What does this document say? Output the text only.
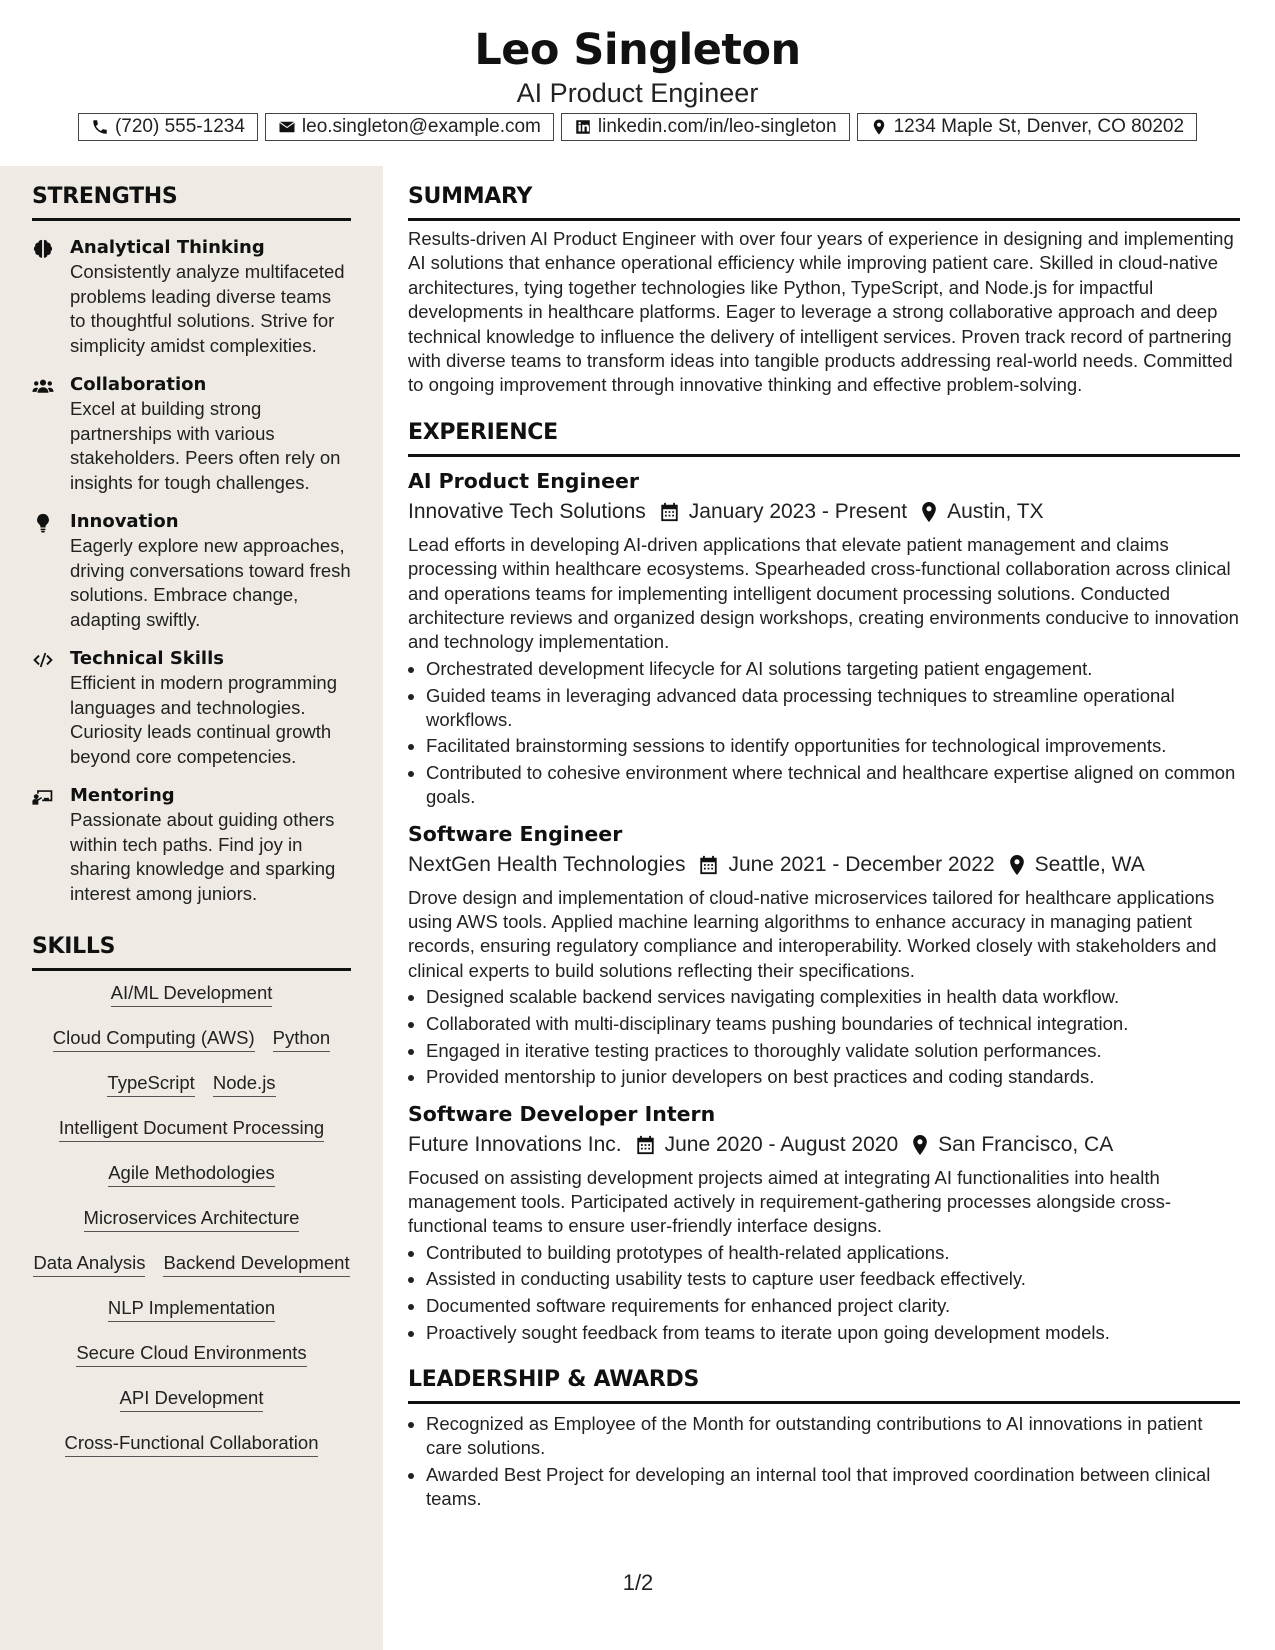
Leo Singleton
AI Product Engineer
(720) 555-1234	leo.singleton@example.com	linkedin.com/in/leo-singleton	1234 Maple St, Denver, CO 80202
STRENGTHS
Analytical Thinking
Consistently analyze multifaceted problems leading diverse teams to thoughtful solutions. Strive for simplicity amidst complexities.
Collaboration
Excel at building strong partnerships with various stakeholders. Peers often rely on insights for tough challenges.
Innovation
Eagerly explore new approaches, driving conversations toward fresh solutions. Embrace change, adapting swiftly.
Technical Skills
Efficient in modern programming languages and technologies. Curiosity leads continual growth beyond core competencies.
Mentoring
Passionate about guiding others within tech paths. Find joy in sharing knowledge and sparking interest among juniors.
SKILLS
AI/ML Development
Cloud Computing (AWS) Python
TypeScript Node.js
Intelligent Document Processing
Agile Methodologies
Microservices Architecture
Data Analysis Backend Development
NLP Implementation
Secure Cloud Environments
API Development
Cross-Functional Collaboration
SUMMARY

Results-driven AI Product Engineer with over four years of experience in designing and implementing AI solutions that enhance operational efficiency while improving patient care. Skilled in cloud-native architectures, tying together technologies like Python, TypeScript, and Node.js for impactful developments in healthcare platforms. Eager to leverage a strong collaborative approach and deep technical knowledge to influence the delivery of intelligent services. Proven track record of partnering with diverse teams to transform ideas into tangible products addressing real-world needs. Committed to ongoing improvement through innovative thinking and effective problem-solving.

EXPERIENCE
AI Product Engineer
Innovative Tech Solutions January 2023 - Present Austin, TX

Lead efforts in developing AI-driven applications that elevate patient management and claims processing within healthcare ecosystems. Spearheaded cross-functional collaboration across clinical and operations teams for implementing intelligent document processing solutions. Conducted architecture reviews and organized design workshops, creating environments conducive to innovation and technology implementation.

• Orchestrated development lifecycle for AI solutions targeting patient engagement.
• Guided teams in leveraging advanced data processing techniques to streamline operational workflows.
• Facilitated brainstorming sessions to identify opportunities for technological improvements.
• Contributed to cohesive environment where technical and healthcare expertise aligned on common goals.
Software Engineer
NextGen Health Technologies June 2021 - December 2022 Seattle, WA

Drove design and implementation of cloud-native microservices tailored for healthcare applications using AWS tools. Applied machine learning algorithms to enhance accuracy in managing patient records, ensuring regulatory compliance and interoperability. Worked closely with stakeholders and clinical experts to build solutions reflecting their specifications.

• Designed scalable backend services navigating complexities in health data workflow.
• Collaborated with multi-disciplinary teams pushing boundaries of technical integration.
• Engaged in iterative testing practices to thoroughly validate solution performances.
• Provided mentorship to junior developers on best practices and coding standards.
Software Developer Intern
Future Innovations Inc. June 2020 - August 2020 San Francisco, CA

Focused on assisting development projects aimed at integrating AI functionalities into health management tools. Participated actively in requirement-gathering processes alongside cross-functional teams to ensure user-friendly interface designs.

• Contributed to building prototypes of health-related applications.
• Assisted in conducting usability tests to capture user feedback effectively.
• Documented software requirements for enhanced project clarity.
• Proactively sought feedback from teams to iterate upon going development models.
LEADERSHIP & AWARDS
• Recognized as Employee of the Month for outstanding contributions to AI innovations in patient care solutions.
• Awarded Best Project for developing an internal tool that improved coordination between clinical teams.
1/2
